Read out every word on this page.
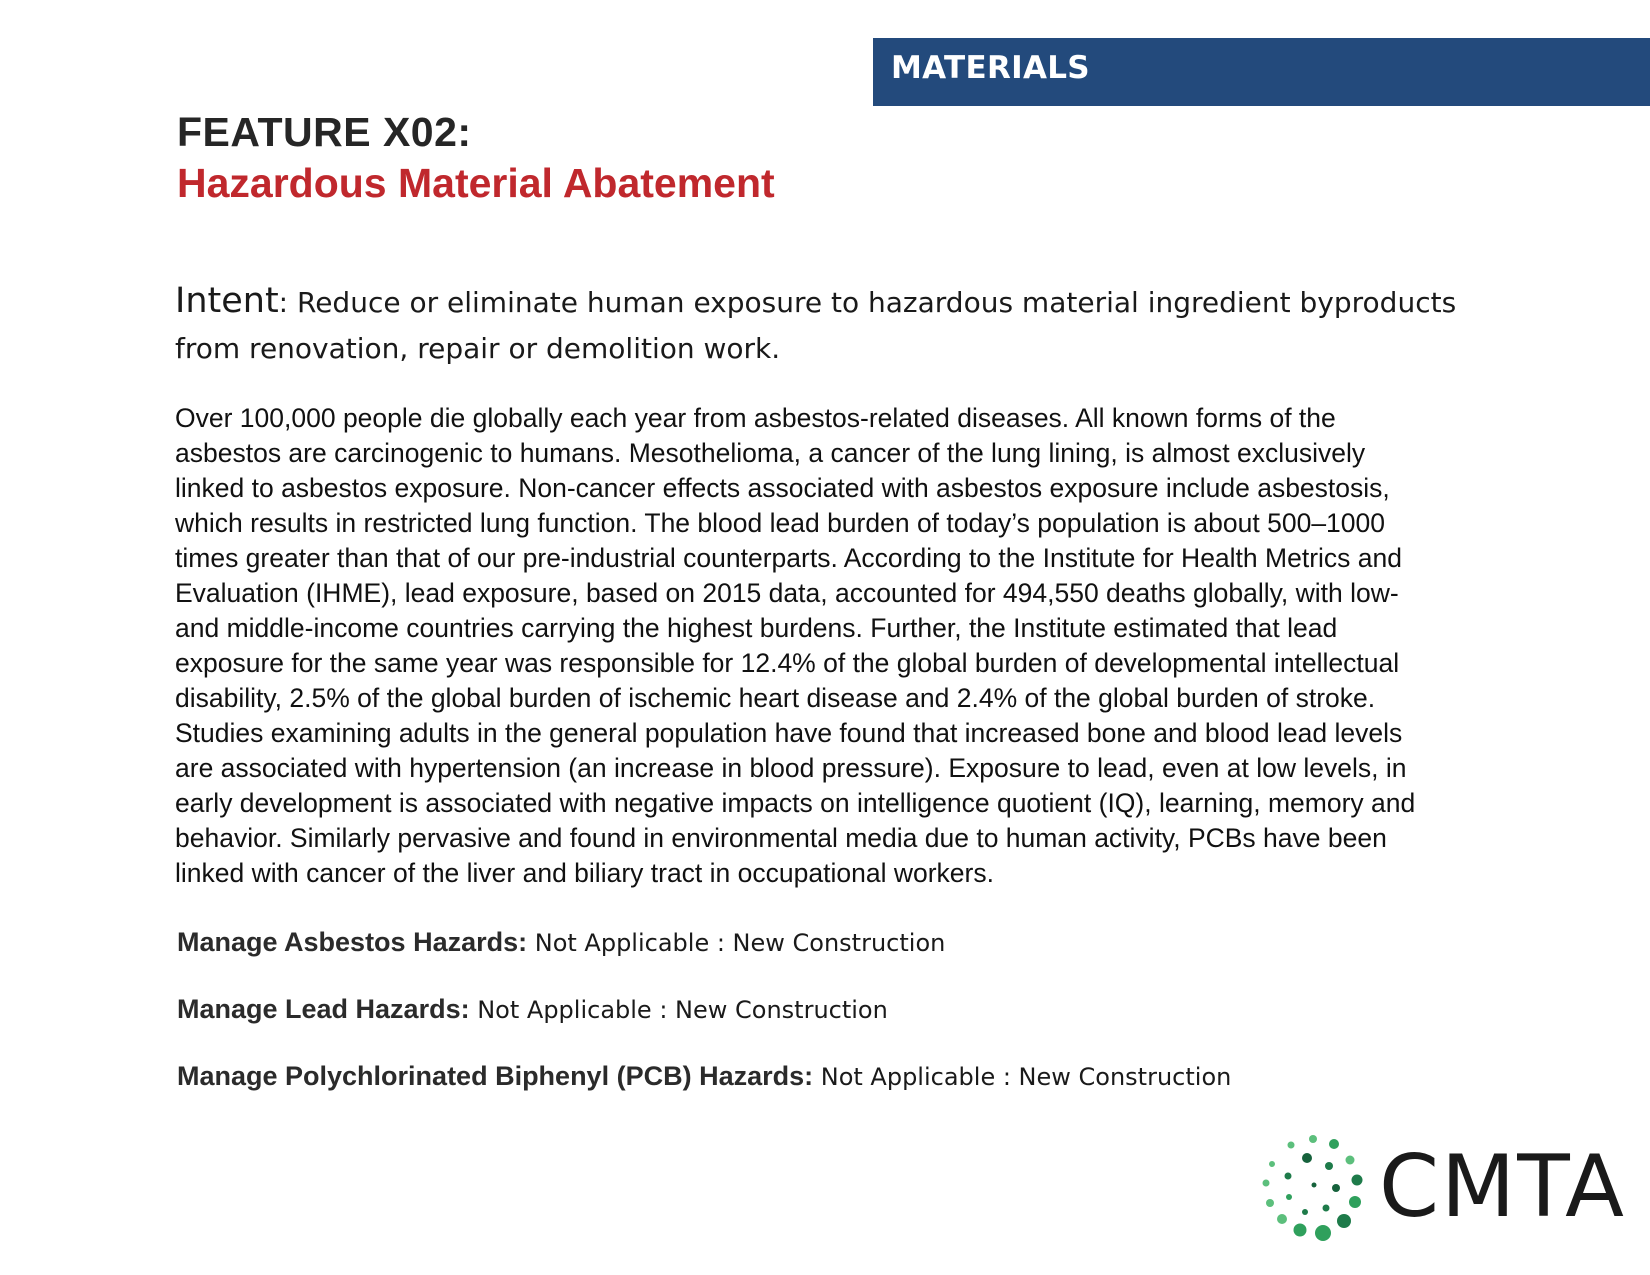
MATERIALS
FEATURE X02:
Hazardous Material Abatement
Intent: Reduce or eliminate human exposure to hazardous material ingredient byproducts from renovation, repair or demolition work.
Over 100,000 people die globally each year from asbestos-related diseases. All known forms of the
asbestos are carcinogenic to humans. Mesothelioma, a cancer of the lung lining, is almost exclusively
linked to asbestos exposure. Non-cancer effects associated with asbestos exposure include asbestosis,
which results in restricted lung function. The blood lead burden of today’s population is about 500–1000
times greater than that of our pre-industrial counterparts. According to the Institute for Health Metrics and
Evaluation (IHME), lead exposure, based on 2015 data, accounted for 494,550 deaths globally, with low-
and middle-income countries carrying the highest burdens. Further, the Institute estimated that lead
exposure for the same year was responsible for 12.4% of the global burden of developmental intellectual
disability, 2.5% of the global burden of ischemic heart disease and 2.4% of the global burden of stroke.
Studies examining adults in the general population have found that increased bone and blood lead levels
are associated with hypertension (an increase in blood pressure). Exposure to lead, even at low levels, in
early development is associated with negative impacts on intelligence quotient (IQ), learning, memory and
behavior. Similarly pervasive and found in environmental media due to human activity, PCBs have been
linked with cancer of the liver and biliary tract in occupational workers.
Manage Asbestos Hazards: Not Applicable : New Construction
Manage Lead Hazards: Not Applicable : New Construction
Manage Polychlorinated Biphenyl (PCB) Hazards: Not Applicable : New Construction
CMTA
